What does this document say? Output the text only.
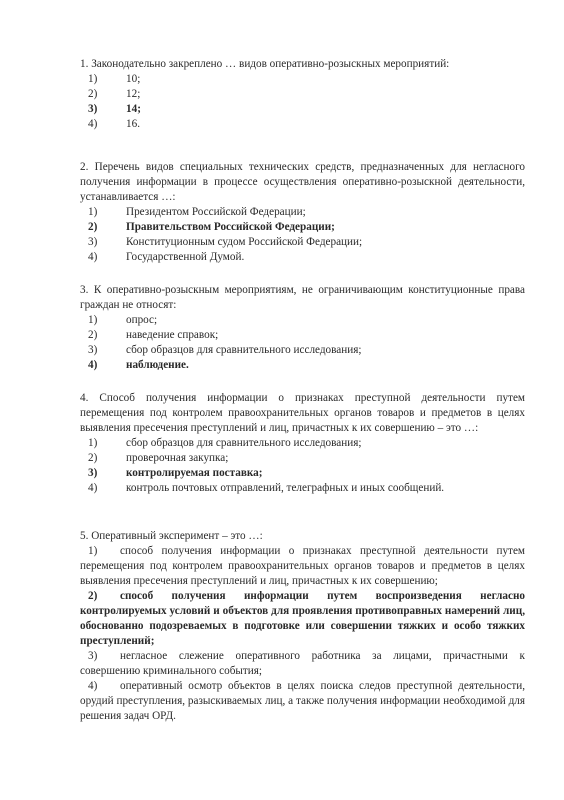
1. Законодательно закреплено … видов оперативно-розыскных мероприятий:
1)	10;
2)	12;
3)	14;
4)	16.
2. Перечень видов специальных технических средств, предназначенных для негласного получения информации в процессе осуществления оперативно-розыскной деятельности, устанавливается …:
1)	Президентом Российской Федерации;
2)	Правительством Российской Федерации;
3)	Конституционным судом Российской Федерации;
4)	Государственной Думой.
3. К оперативно-розыскным мероприятиям, не ограничивающим конституционные права граждан не относят:
1)	опрос;
2)	наведение справок;
3)	сбор образцов для сравнительного исследования;
4)	наблюдение.
4. Способ получения информации о признаках преступной деятельности путем перемещения под контролем правоохранительных органов товаров и предметов в целях выявления пресечения преступлений и лиц, причастных к их совершению – это …:
1)	сбор образцов для сравнительного исследования;
2)	проверочная закупка;
3)	контролируемая поставка;
4)	контроль почтовых отправлений, телеграфных и иных сообщений.
5. Оперативный эксперимент – это …:
1) способ получения информации о признаках преступной деятельности путем перемещения под контролем правоохранительных органов товаров и предметов в целях выявления пресечения преступлений и лиц, причастных к их совершению;
2) способ получения информации путем воспроизведения негласно контролируемых условий и объектов для проявления противоправных намерений лиц, обоснованно подозреваемых в подготовке или совершении тяжких и особо тяжких преступлений;
3) негласное слежение оперативного работника за лицами, причастными к совершению криминального события;
4) оперативный осмотр объектов в целях поиска следов преступной деятельности, орудий преступления, разыскиваемых лиц, а также получения информации необходимой для решения задач ОРД.
